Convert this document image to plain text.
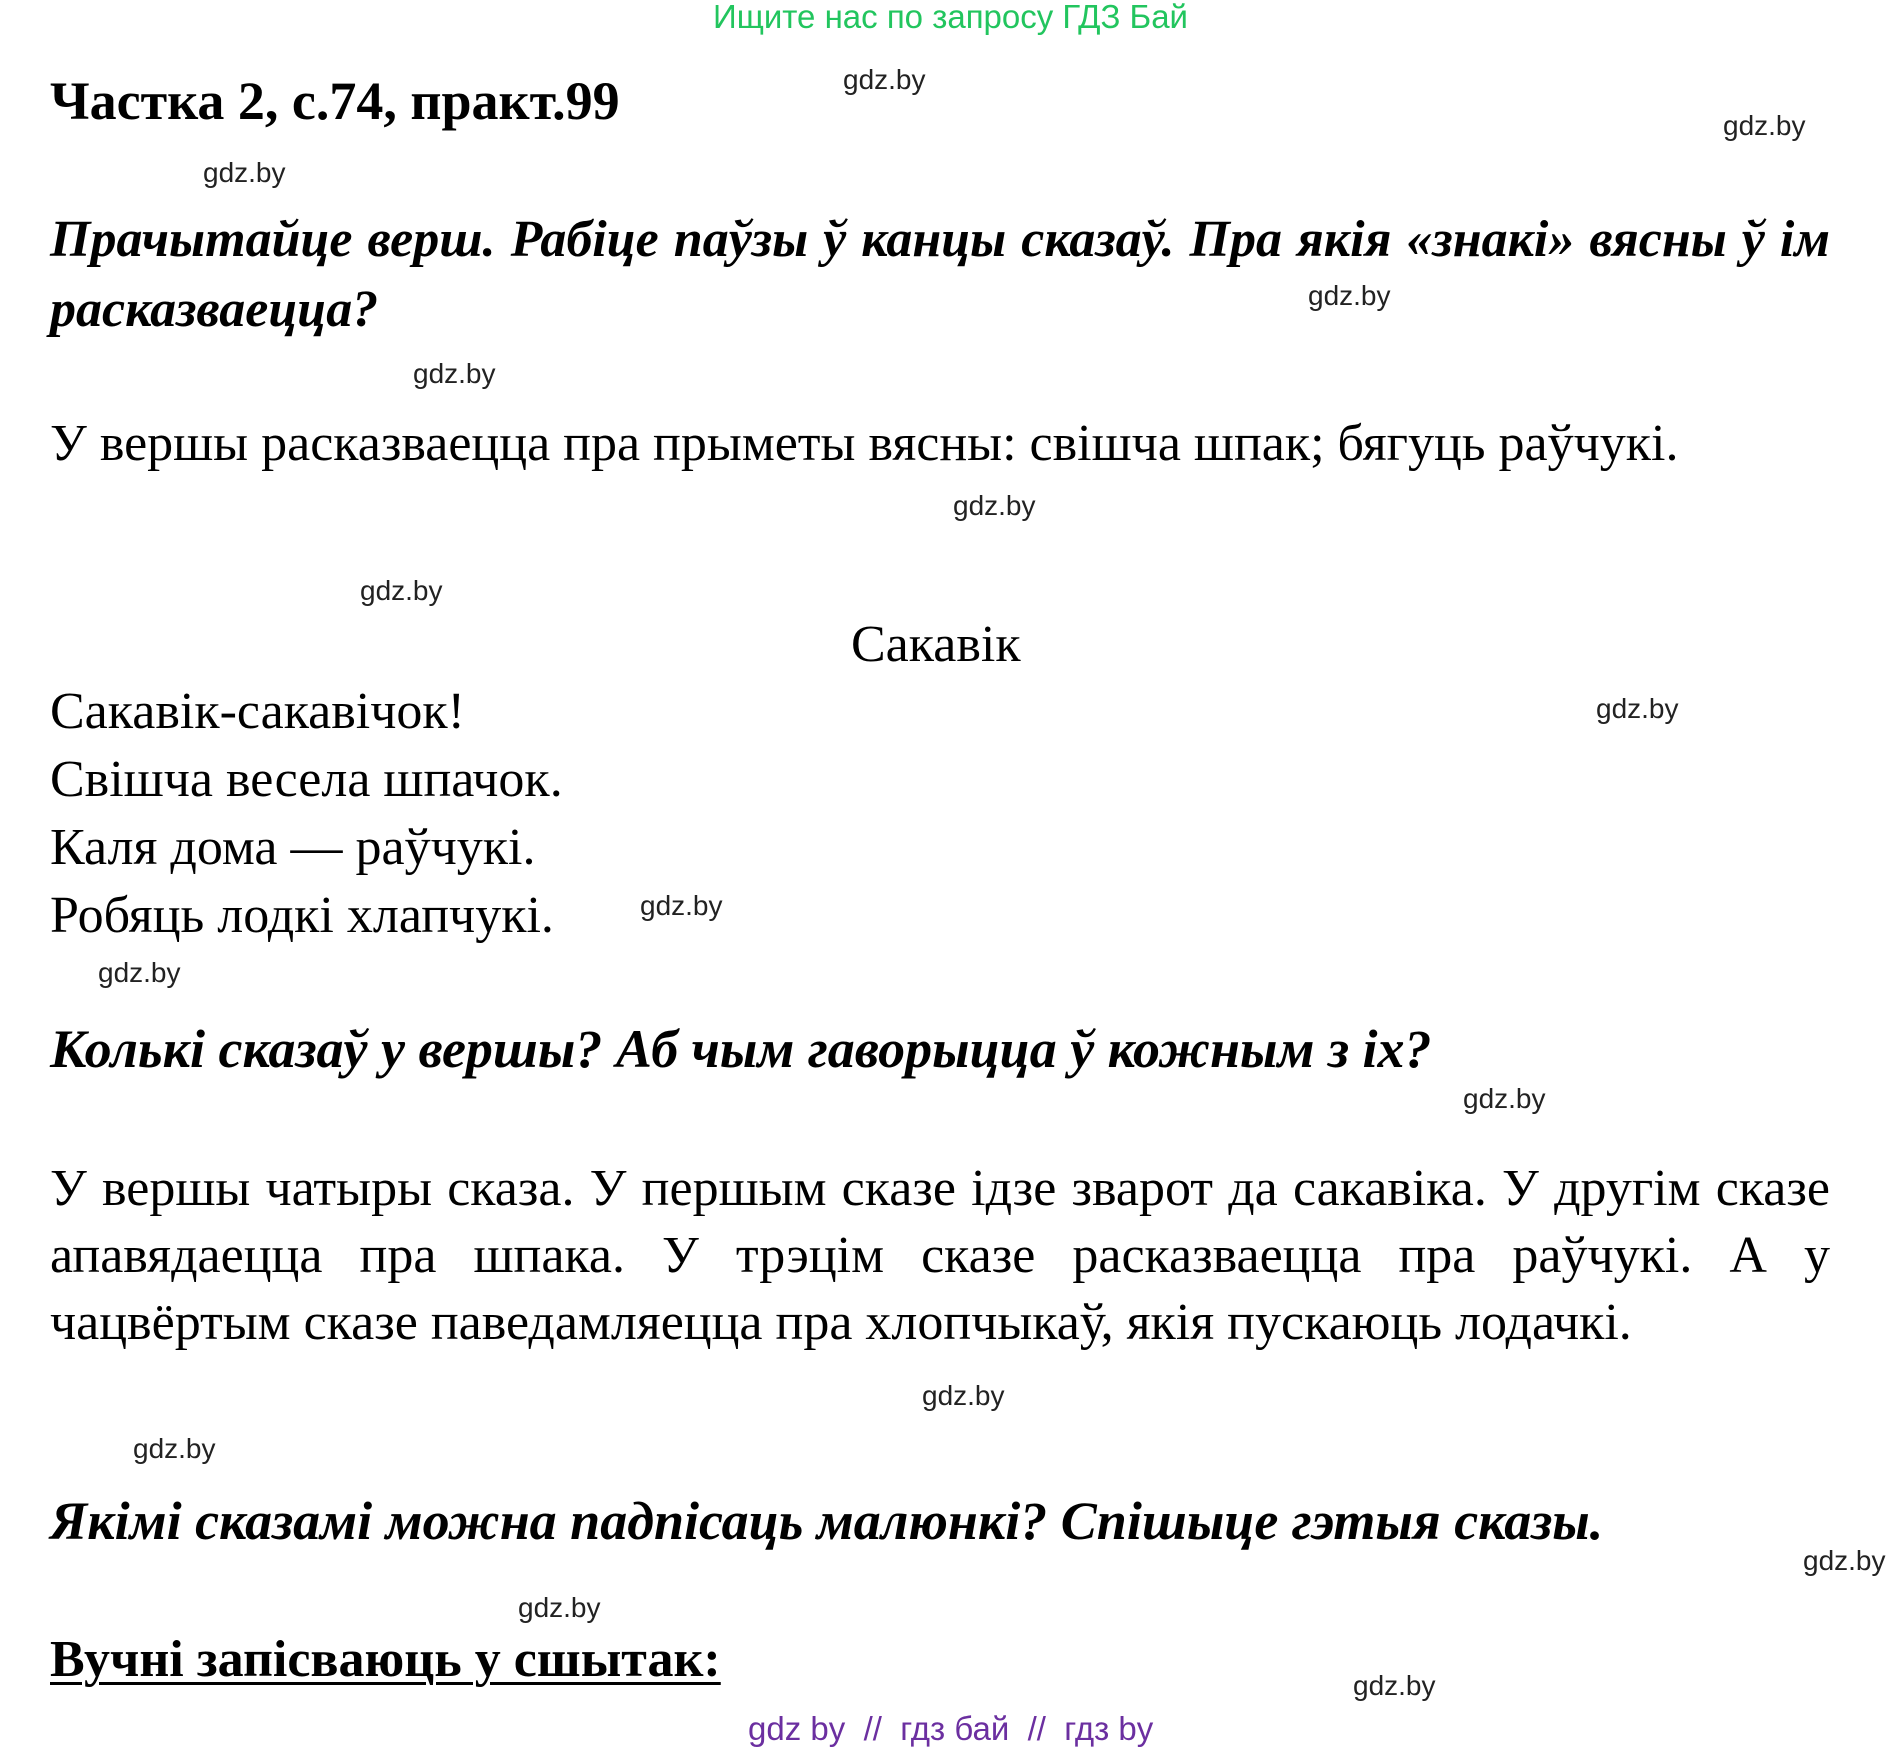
Ищите нас по запросу ГДЗ Бай
Частка 2, с.74, практ.99

Прачытайце верш. Рабіце паўзы ў канцы сказаў. Пра якія «знакі» вясны ў ім расказваецца?

У вершы расказваецца пра прыметы вясны: свішча шпак; бягуць раўчукі.

Сакавік
Сакавік-сакавічок!
Свішча весела шпачок.
Каля дома — раўчукі.
Робяць лодкі хлапчукі.
Колькі сказаў у вершы? Аб чым гаворыцца ў кожным з іх?

У вершы чатыры сказа. У першым сказе ідзе зварот да сакавіка. У другім сказе апавядаецца пра шпака. У трэцім сказе расказваецца пра раўчукі. А у чацвёртым сказе паведамляецца пра хлопчыкаў, якія пускаюць лодачкі.

Якімі сказамі можна падпісаць малюнкі? Спішыце гэтыя сказы.
Вучні запісваюць у сшытак:
gdz.by
gdz.by
gdz.by
gdz.by
gdz.by
gdz.by
gdz.by
gdz.by
gdz.by
gdz.by
gdz.by
gdz.by
gdz.by
gdz.by
gdz.by
gdz.by
gdz by  //  гдз бай  //  гдз by
